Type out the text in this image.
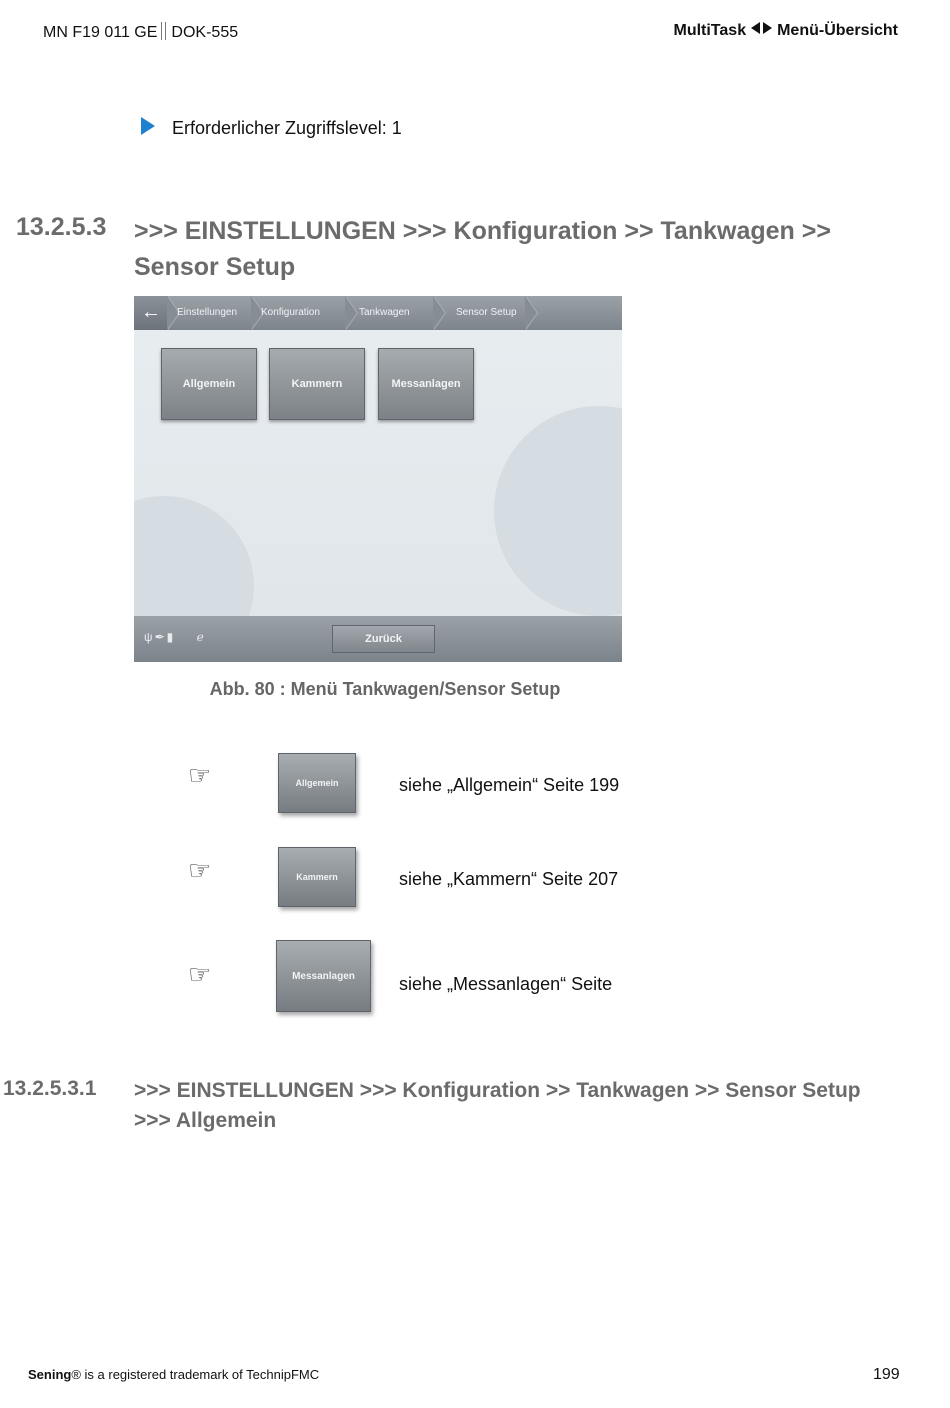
MN F19 011 GE DOK-555	MultiTask Menü-Übersicht
Erforderlicher Zugriffslevel: 1
13.2.5.3 >>> EINSTELLUNGEN >>> Konfiguration >> Tankwagen >> Sensor Setup
←	Einstellungen Konfiguration	Tankwagen	Sensor Setup
Allgemein	Kammern	Messanlagen
ψ✒▮ ℯ	Zurück
Abb. 80 : Menü Tankwagen/Sensor Setup
☞	Allgemein	siehe „Allgemein“ Seite 199
☞	Kammern	siehe „Kammern“ Seite 207
☞	Messanlagen	siehe „Messanlagen“ Seite
13.2.5.3.1 >>> EINSTELLUNGEN >>> Konfiguration >> Tankwagen >> Sensor Setup >>> Allgemein
Sening® is a registered trademark of TechnipFMC	199
